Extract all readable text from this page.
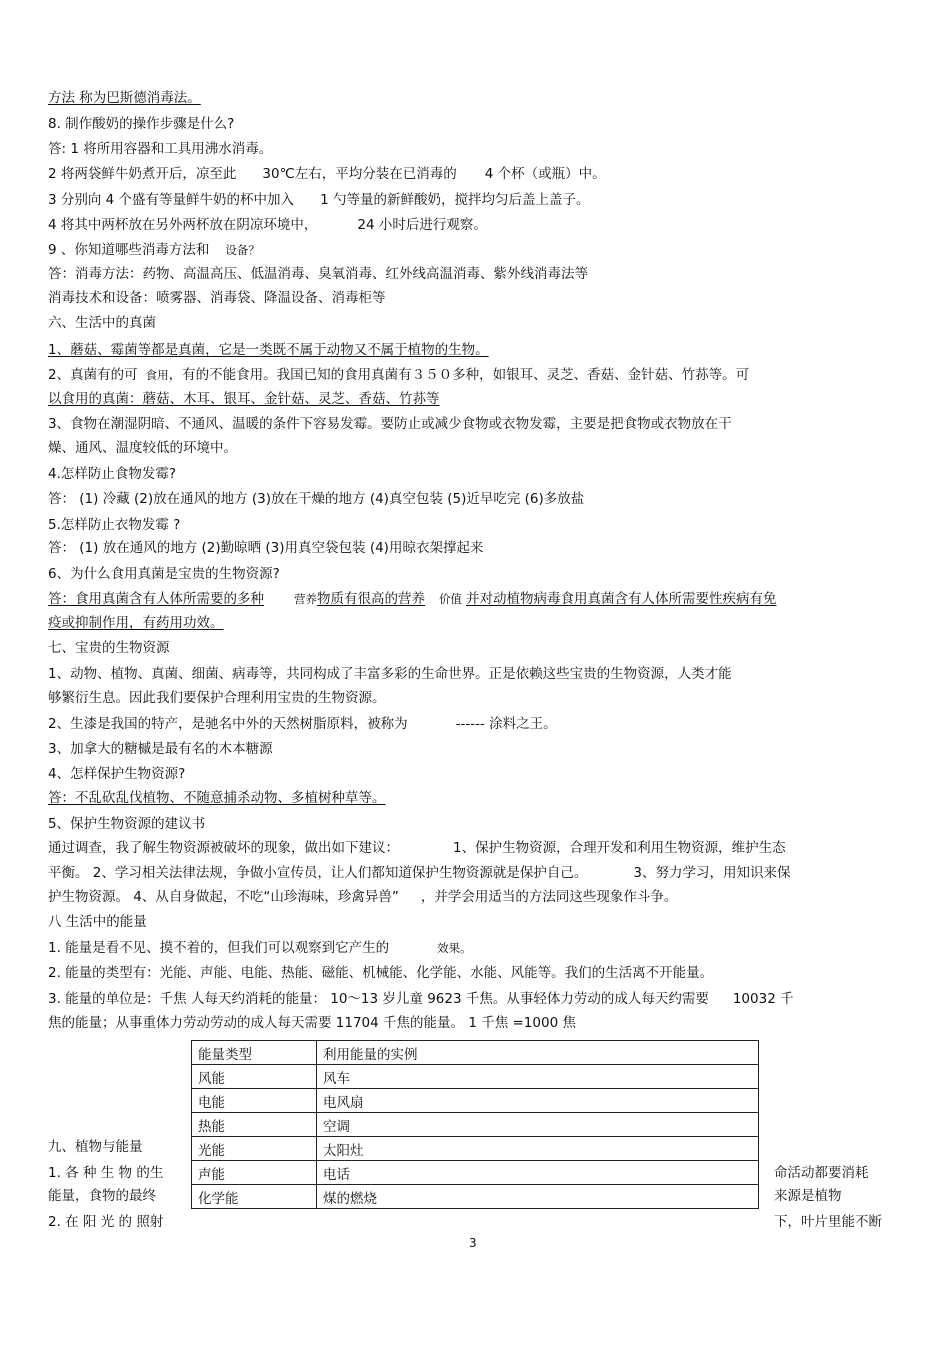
方法 称为巴斯德消毒法。
8. 制作酸奶的操作步骤是什么?
答: 1 将所用容器和工具用沸水消毒。
2 将两袋鲜牛奶煮开后，凉至此 30℃左右，平均分装在已消毒的 4 个杯（或瓶）中。
3 分别向 4 个盛有等量鲜牛奶的杯中加入 1 勺等量的新鲜酸奶，搅拌均匀后盖上盖子。
4 将其中两杯放在另外两杯放在阴凉环境中，	24 小时后进行观察。
9 、你知道哪些消毒方法和 设备？
答：消毒方法：药物、高温高压、低温消毒、臭氧消毒、红外线高温消毒、紫外线消毒法等
消毒技术和设备：喷雾器、消毒袋、降温设备、消毒柜等
六、生活中的真菌
1、蘑菇、霉菌等都是真菌，它是一类既不属于动物又不属于植物的生物。
2、真菌有的可 食用，有的不能食用。我国已知的食用真菌有３５０多种，如银耳、灵芝、香菇、金针菇、竹荪等。可
以食用的真菌：蘑菇、木耳、银耳、金针菇、灵芝、香菇、竹荪等
3、食物在潮湿阴暗、不通风、温暖的条件下容易发霉。要防止或减少食物或衣物发霉，主要是把食物或衣物放在干
燥、通风、温度较低的环境中。
4.怎样防止食物发霉?
答： (1) 冷藏 (2)放在通风的地方 (3)放在干燥的地方 (4)真空包装 (5)近早吃完 (6)多放盐
5.怎样防止衣物发霉 ?
答： (1) 放在通风的地方 (2)勤晾晒 (3)用真空袋包装 (4)用晾衣架撑起来
6、为什么食用真菌是宝贵的生物资源?
答：食用真菌含有人体所需要的多种	营养物质有很高的营养 价值 并对动植物病毒食用真菌含有人体所需要性疾病有免
疫或抑制作用，有药用功效。
七、宝贵的生物资源
1、动物、植物、真菌、细菌、病毒等，共同构成了丰富多彩的生命世界。正是依赖这些宝贵的生物资源，人类才能
够繁衍生息。因此我们要保护合理利用宝贵的生物资源。
2、生漆是我国的特产，是驰名中外的天然树脂原料，被称为	------ 涂料之王。
3、加拿大的糖槭是最有名的木本糖源
4、怎样保护生物资源?
答：不乱砍乱伐植物、不随意捕杀动物、多植树种草等。
5、保护生物资源的建议书
通过调查，我了解生物资源被破坏的现象，做出如下建议：	1、保护生物资源，合理开发和利用生物资源，维护生态
平衡。 2、学习相关法律法规，争做小宣传员，让人们都知道保护生物资源就是保护自己。	3、努力学习，用知识来保
护生物资源。 4、从自身做起，不吃“山珍海味，珍禽异兽” ，并学会用适当的方法同这些现象作斗争。
八 生活中的能量
1. 能量是看不见、摸不着的，但我们可以观察到它产生的	效果。
2. 能量的类型有：光能、声能、电能、热能、磁能、机械能、化学能、水能、风能等。我们的生活离不开能量。
3. 能量的单位是：千焦 人每天约消耗的能量： 10～13 岁儿童 9623 千焦。从事轻体力劳动的成人每天约需要 10032 千
焦的能量；从事重体力劳动劳动的成人每天需要 11704 千焦的能量。 1 千焦 =1000 焦
能量类型	利用能量的实例
风能	风车
电能	电风扇
热能	空调
光能	太阳灶
声能	电话
化学能	煤的燃烧
九、植物与能量
1. 各 种 生 物 的生	命活动都要消耗
能量，食物的最终	来源是植物
2. 在 阳 光 的 照射	下，叶片里能不断
3
